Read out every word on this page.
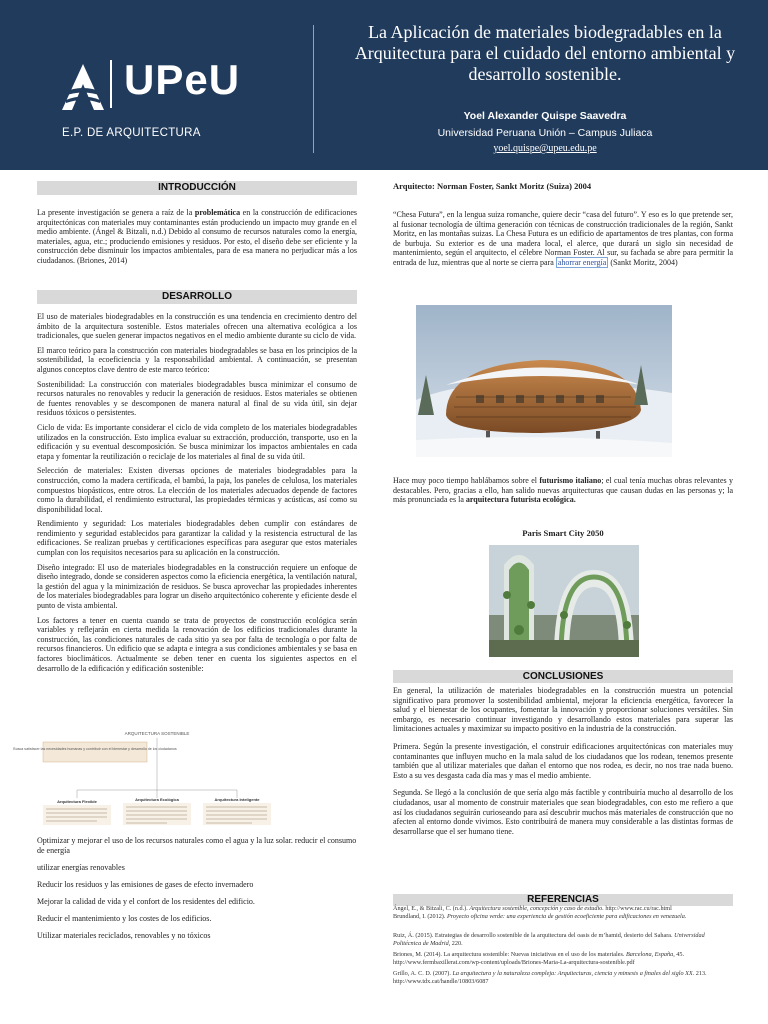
UPeU
E.P. DE ARQUITECTURA
La Aplicación de materiales biodegradables en la Arquitectura para el cuidado del entorno ambiental y desarrollo sostenible.
Yoel Alexander Quispe Saavedra
Universidad Peruana Unión – Campus Juliaca
yoel.quispe@upeu.edu.pe
INTRODUCCIÓN

La presente investigación se genera a raíz de la problemática en la construcción de edificaciones arquitectónicas con materiales muy contaminantes están produciendo un impacto muy grande en el medio ambiente. (Ángel & Bitzali, n.d.) Debido al consumo de recursos naturales como la energía, materiales, agua, etc.; produciendo emisiones y residuos. Por esto, el diseño debe ser eficiente y la construcción debe disminuir los impactos ambientales, para de esa manera no perjudicar más a los ciudadanos. (Briones, 2014)

DESARROLLO

El uso de materiales biodegradables en la construcción es una tendencia en crecimiento dentro del ámbito de la arquitectura sostenible. Estos materiales ofrecen una alternativa ecológica a los tradicionales, que suelen generar impactos negativos en el medio ambiente durante su ciclo de vida.

El marco teórico para la construcción con materiales biodegradables se basa en los principios de la sostenibilidad, la ecoeficiencia y la responsabilidad ambiental. A continuación, se presentan algunos conceptos clave dentro de este marco teórico:

Sostenibilidad: La construcción con materiales biodegradables busca minimizar el consumo de recursos naturales no renovables y reducir la generación de residuos. Estos materiales se obtienen de fuentes renovables y se descomponen de manera natural al final de su vida útil, sin dejar residuos tóxicos o persistentes.

Ciclo de vida: Es importante considerar el ciclo de vida completo de los materiales biodegradables utilizados en la construcción. Esto implica evaluar su extracción, producción, transporte, uso en la edificación y su eventual descomposición. Se busca minimizar los impactos ambientales en cada etapa y fomentar la reutilización o reciclaje de los materiales al final de su vida útil.

Selección de materiales: Existen diversas opciones de materiales biodegradables para la construcción, como la madera certificada, el bambú, la paja, los paneles de celulosa, los materiales compuestos biopásticos, entre otros. La elección de los materiales adecuados depende de factores como la durabilidad, el rendimiento estructural, las propiedades térmicas y acústicas, así como su disponibilidad local.

Rendimiento y seguridad: Los materiales biodegradables deben cumplir con estándares de rendimiento y seguridad establecidos para garantizar la calidad y la resistencia estructural de las edificaciones. Se realizan pruebas y certificaciones específicas para asegurar que estos materiales cumplan con los requisitos necesarios para su aplicación en la construcción.

Diseño integrado: El uso de materiales biodegradables en la construcción requiere un enfoque de diseño integrado, donde se consideren aspectos como la eficiencia energética, la ventilación natural, la gestión del agua y la minimización de residuos. Se busca aprovechar las propiedades inherentes de los materiales biodegradables para lograr un diseño arquitectónico coherente y eficiente desde el punto de vista ambiental.

Los factores a tener en cuenta cuando se trata de proyectos de construcción ecológica serán variables y reflejarán en cierta medida la renovación de los edificios tradicionales durante la construcción, las condiciones naturales de cada sitio ya sea por falta de tecnología o por falta de recursos financieros. Un edificio que se adapta e integra a sus condiciones ambientales y se basa en factores bioclimáticos. Actualmente se deben tener en cuenta los siguientes aspectos en el desarrollo de la edificación y edificación sostenible:

ARQUITECTURA SOSTENIBLE
Busca satisfacer las necesidades humanas y contribuir con el bienestar y desarrollo de los ciudadanos
Arquitectura Flexible	Arquitectura Ecológica	Arquitectura Inteligente
Optimizar y mejorar el uso de los recursos naturales como el agua y la luz solar. reducir el consumo de energía
utilizar energías renovables
Reducir los residuos y las emisiones de gases de efecto invernadero
Mejorar la calidad de vida y el confort de los residentes del edificio.
Reducir el mantenimiento y los costes de los edificios.
Utilizar materiales reciclados, renovables y no tóxicos
Arquitecto: Norman Foster, Sankt Moritz (Suiza) 2004

“Chesa Futura”, en la lengua suiza romanche, quiere decir “casa del futuro”. Y eso es lo que pretende ser, al fusionar tecnología de última generación con técnicas de construcción tradicionales de la región, Sankt Moritz, en las montañas suizas. La Chesa Futura es un edificio de apartamentos de tres plantas, con forma de burbuja. Su exterior es de una madera local, el alerce, que durará un siglo sin necesidad de mantenimiento, según el arquitecto, el célebre Norman Foster. Al sur, su fachada se abre para permitir la entrada de luz, mientras que al norte se cierra para ahorrar energía (Sankt Moritz, 2004)

Hace muy poco tiempo hablábamos sobre el futurismo italiano; el cual tenía muchas obras relevantes y destacables. Pero, gracias a ello, han salido nuevas arquitecturas que causan dudas en las personas y; la más pronunciada es la arquitectura futurista ecológica.

Paris Smart City 2050
CONCLUSIONES

En general, la utilización de materiales biodegradables en la construcción muestra un potencial significativo para promover la sostenibilidad ambiental, mejorar la eficiencia energética, favorecer la salud y el bienestar de los ocupantes, fomentar la innovación y proporcionar soluciones versátiles. Sin embargo, es necesario continuar investigando y desarrollando estos materiales para superar las limitaciones actuales y maximizar su impacto positivo en la industria de la construcción.

Primera. Según la presente investigación, el construir edificaciones arquitectónicas con materiales muy contaminantes que influyen mucho en la mala salud de los ciudadanos que los rodean, tenemos presente también que al utilizar materiales que dañan el entorno que nos rodea, es decir, no nos trae nada bueno. Esto a su ves desgasta cada día mas y mas el medio ambiente.

Segunda. Se llegó a la conclusión de que sería algo más factible y contribuiría mucho al desarrollo de los ciudadanos, usar al momento de construir materiales que sean biodegradables, con esto me refiero a que así los ciudadanos seguirán curioseando para así descubrir muchos más materiales de construcción que no afecten al entorno donde vivimos. Esto contribuirá de manera muy considerable a las distintas formas de desarrollarse que el ser humano tiene.

REFERENCIAS
Ángel, E., & Bitzali, C. (n.d.). Arquitectura sostenible, concepción y caso de estudio. http://www.rac.cu/rac.html
Brundland, I. (2012). Proyecto oficina verde: una experiencia de gestión ecoeficiente para edificaciones en venezuela.
Ruiz, Á. (2015). Estrategias de desarrollo sostenible de la arquitectura del oasis de m’hamid, desierto del Sahara. Universidad Politécnica de Madrid, 220.
Briones, M. (2014). La arquitectura sostenible: Nuevas iniciativas en el uso de los materiales. Barcelona, España, 45. http://www.fermbaxillerat.com/wp-content/uploads/Briones-Maria-La-arquitectura-sostenible.pdf
Grillo, A. C. D. (2007). La arquitectura y la naturaleza compleja: Arquitecturas, ciencia y mimesis a finales del siglo XX. 213. http://www.tdx.cat/handle/10803/6087
